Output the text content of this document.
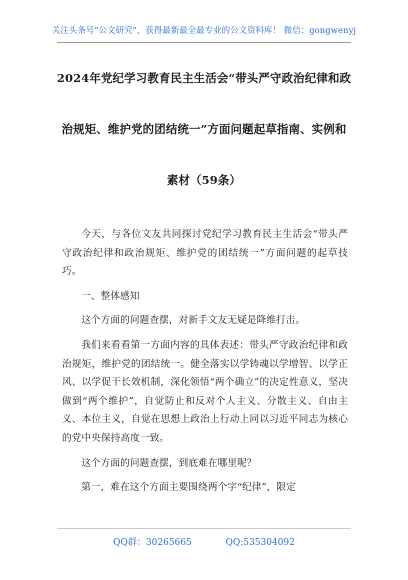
关注头条号“公文研究”，获得最新最全最专业的公文资料库！ 微信：gongwenyj
2024年党纪学习教育民主生活会“带头严守政治纪律和政
治规矩、维护党的团结统一”方面问题起草指南、实例和
素材（59条）

今天，与各位文友共同探讨党纪学习教育民主生活会“带头严守政治纪律和政治规矩、维护党的团结统一”方面问题的起草技巧。

一、整体感知

这个方面的问题查摆，对新手文友无疑是降维打击。

我们来看看第一方面内容的具体表述：带头严守政治纪律和政治规矩，维护党的团结统一。健全落实以学铸魂以学增智、以学正风、以学促干长效机制，深化领悟“两个确立”的决定性意义，坚决做到“两个维护”，自觉防止和反对个人主义、分散主义、自由主义、本位主义，自觉在思想上政治上行动上同以习近平同志为核心的党中央保持高度一致。

这个方面的问题查摆，到底难在哪里呢？

第一，难在这个方面主要围绕两个字“纪律”，限定

QQ群：30265665	QQ:535304092
